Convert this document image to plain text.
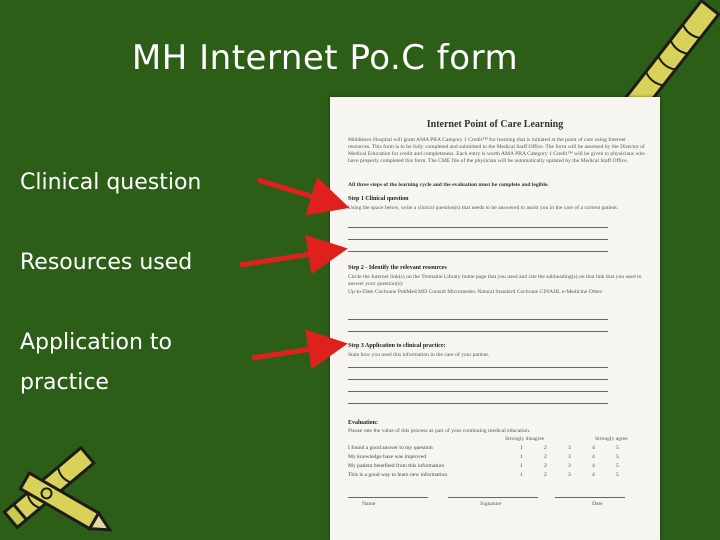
MH Internet Po.C form
Clinical question
Resources used
Application to
practice
Internet Point of Care Learning
Middlesex Hospital will grant AMA PRA Category 1 Credit™ for learning that is initiated at the point of care using Internet resources. This form is to be fully completed and submitted to the Medical Staff Office. The form will be assessed by the Director of Medical Education for credit and completeness. Each entry is worth AMA PRA Category 1 Credit™ will be given to physicians who have properly completed this form. The CME file of the physician will be automatically updated by the Medical Staff Office.
All three steps of the learning cycle and the evaluation must be complete and legible.
Step 1 Clinical question
Using the space below, write a clinical question(s) that needs to be answered to assist you in the care of a current patient.
Step 2 - Identify the relevant resources
Circle the Internet link(s) on the Tremaine Library home page that you used and cite the subheading(s) on that link that you used to answer your question(s):
Up-to-Date Cochrane PubMed MD Consult Micromedex Natural Standard Cochrane CINAHL e-Medicine Other:
Step 3 Application to clinical practice:
State how you used this information in the care of your patient.
Evaluation:
Please rate the value of this process as part of your continuing medical education.
Strongly disagree	Strongly agree
I found a good answer to my question	1	2	3	4	5
My knowledge base was improved	1	2	3	4	5
My patient benefited from this information	1	2	3	4	5
This is a good way to learn new information	1	2	3	4	5
Name	Signature	Date
